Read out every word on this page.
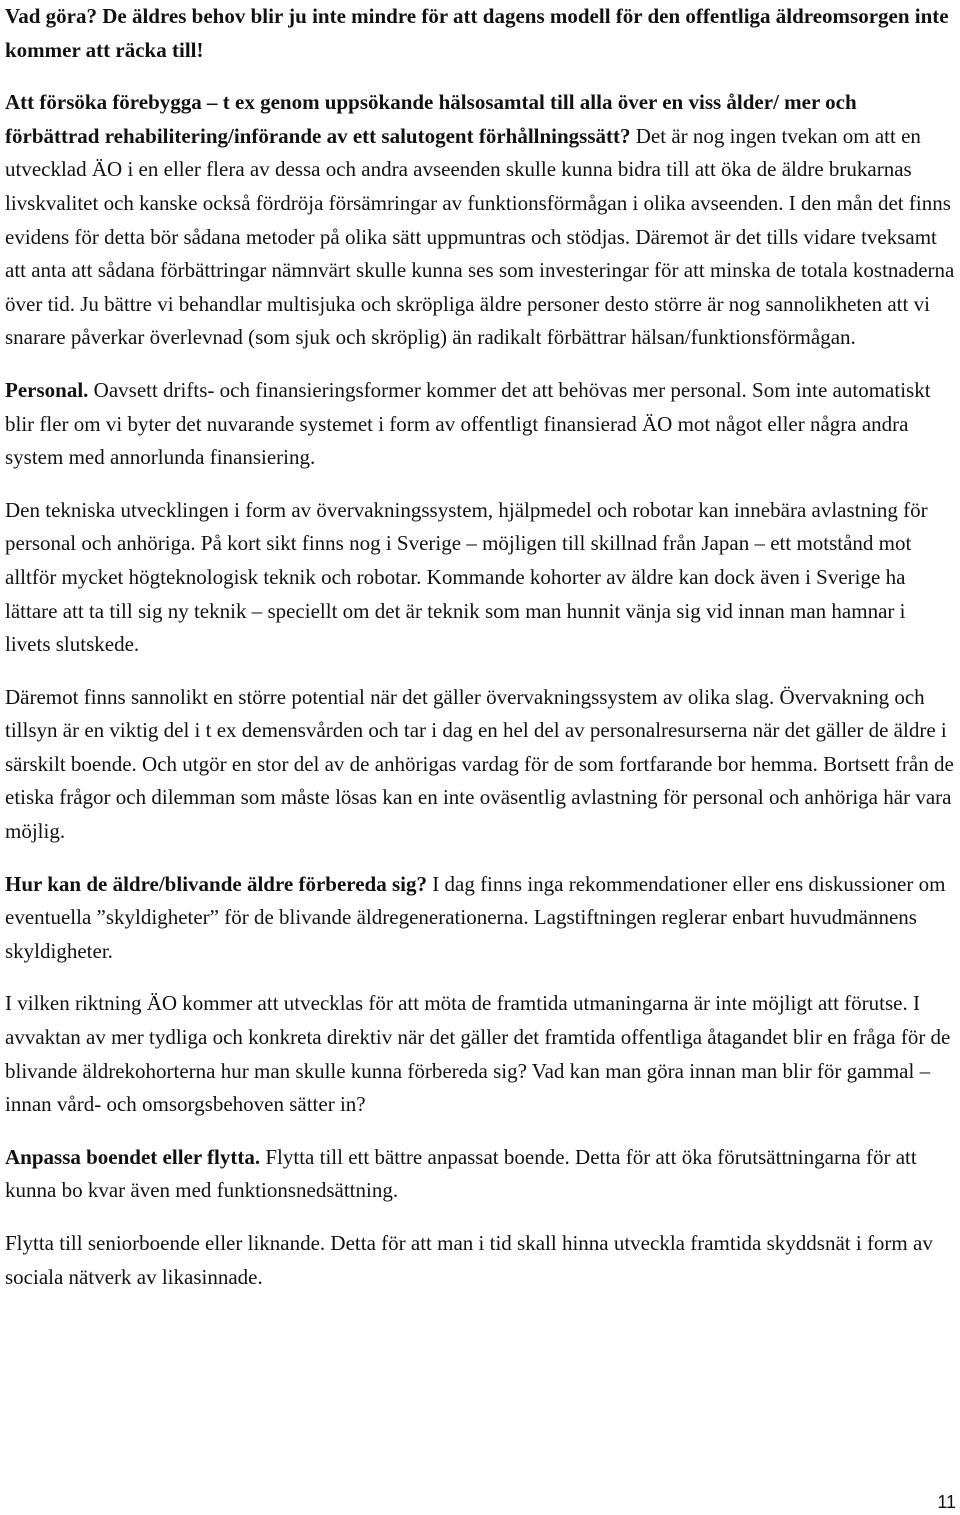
Vad göra? De äldres behov blir ju inte mindre för att dagens modell för den offentliga äldreomsorgen inte kommer att räcka till!

Att försöka förebygga – t ex genom uppsökande hälsosamtal till alla över en viss ålder/ mer och förbättrad rehabilitering/införande av ett salutogent förhållningssätt? Det är nog ingen tvekan om att en utvecklad ÄO i en eller flera av dessa och andra avseenden skulle kunna bidra till att öka de äldre brukarnas livskvalitet och kanske också fördröja försämringar av funktionsförmågan i olika avseenden. I den mån det finns evidens för detta bör sådana metoder på olika sätt uppmuntras och stödjas. Däremot är det tills vidare tveksamt att anta att sådana förbättringar nämnvärt skulle kunna ses som investeringar för att minska de totala kostnaderna över tid. Ju bättre vi behandlar multisjuka och skröpliga äldre personer desto större är nog sannolikheten att vi snarare påverkar överlevnad (som sjuk och skröplig) än radikalt förbättrar hälsan/funktionsförmågan.

Personal. Oavsett drifts- och finansieringsformer kommer det att behövas mer personal. Som inte automatiskt blir fler om vi byter det nuvarande systemet i form av offentligt finansierad ÄO mot något eller några andra system med annorlunda finansiering.

Den tekniska utvecklingen i form av övervakningssystem, hjälpmedel och robotar kan innebära avlastning för personal och anhöriga. På kort sikt finns nog i Sverige – möjligen till skillnad från Japan – ett motstånd mot alltför mycket högteknologisk teknik och robotar. Kommande kohorter av äldre kan dock även i Sverige ha lättare att ta till sig ny teknik – speciellt om det är teknik som man hunnit vänja sig vid innan man hamnar i livets slutskede.

Däremot finns sannolikt en större potential när det gäller övervakningssystem av olika slag. Övervakning och tillsyn är en viktig del i t ex demensvården och tar i dag en hel del av personalresurserna när det gäller de äldre i särskilt boende. Och utgör en stor del av de anhörigas vardag för de som fortfarande bor hemma. Bortsett från de etiska frågor och dilemman som måste lösas kan en inte oväsentlig avlastning för personal och anhöriga här vara möjlig.

Hur kan de äldre/blivande äldre förbereda sig? I dag finns inga rekommendationer eller ens diskussioner om eventuella ”skyldigheter” för de blivande äldregenerationerna. Lagstiftningen reglerar enbart huvudmännens skyldigheter.

I vilken riktning ÄO kommer att utvecklas för att möta de framtida utmaningarna är inte möjligt att förutse. I avvaktan av mer tydliga och konkreta direktiv när det gäller det framtida offentliga åtagandet blir en fråga för de blivande äldrekohorterna hur man skulle kunna förbereda sig? Vad kan man göra innan man blir för gammal – innan vård- och omsorgsbehoven sätter in?

Anpassa boendet eller flytta. Flytta till ett bättre anpassat boende. Detta för att öka förutsättningarna för att kunna bo kvar även med funktionsnedsättning.

Flytta till seniorboende eller liknande. Detta för att man i tid skall hinna utveckla framtida skyddsnät i form av sociala nätverk av likasinnade.

11
